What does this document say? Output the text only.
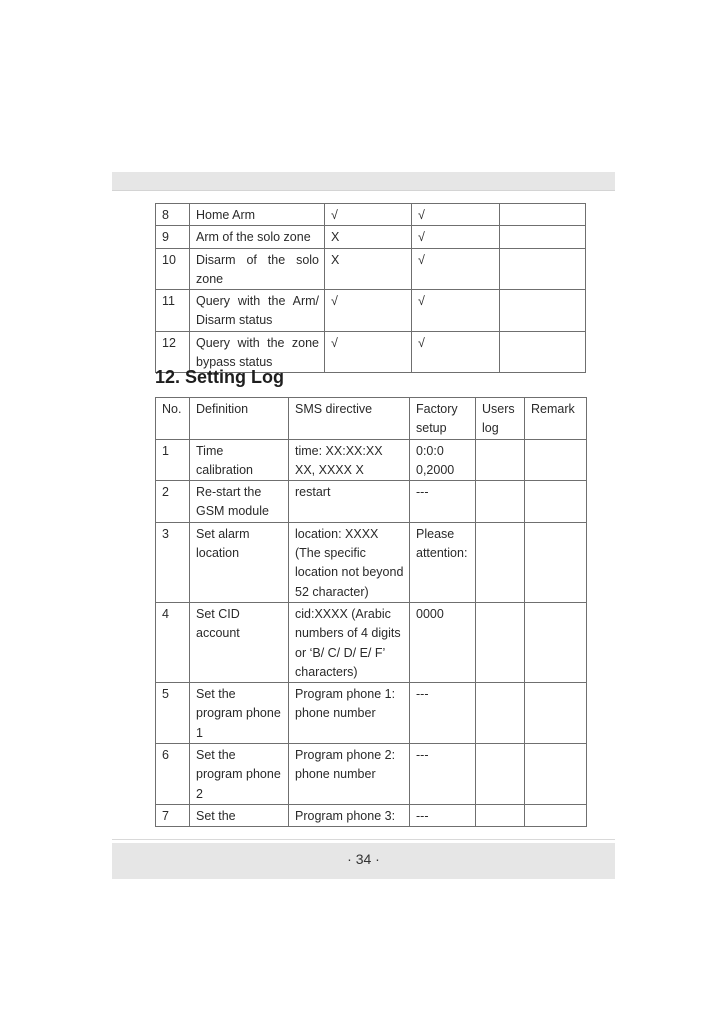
8	Home Arm	√	√	
9	Arm of the solo zone	X	√	
10	Disarm of the solo zone	X	√	
11	Query with the Arm/ Disarm status	√	√	
12	Query with the zone bypass status	√	√	
12. Setting Log
No.	Definition	SMS directive	Factory setup	Users log	Remark
1	Time calibration	time: XX:XX:XX XX, XXXX X	0:0:0 0,2000		
2	Re-start the GSM module	restart	---		
3	Set alarm location	location: XXXX (The specific location not beyond 52 character)	Please attention:		
4	Set CID account	cid:XXXX (Arabic numbers of 4 digits or ‘B/ C/ D/ E/ F’ characters)	0000		
5	Set the program phone 1	Program phone 1: phone number	---		
6	Set the program phone 2	Program phone 2: phone number	---		
7	Set the	Program phone 3:	---		
· 34 ·
